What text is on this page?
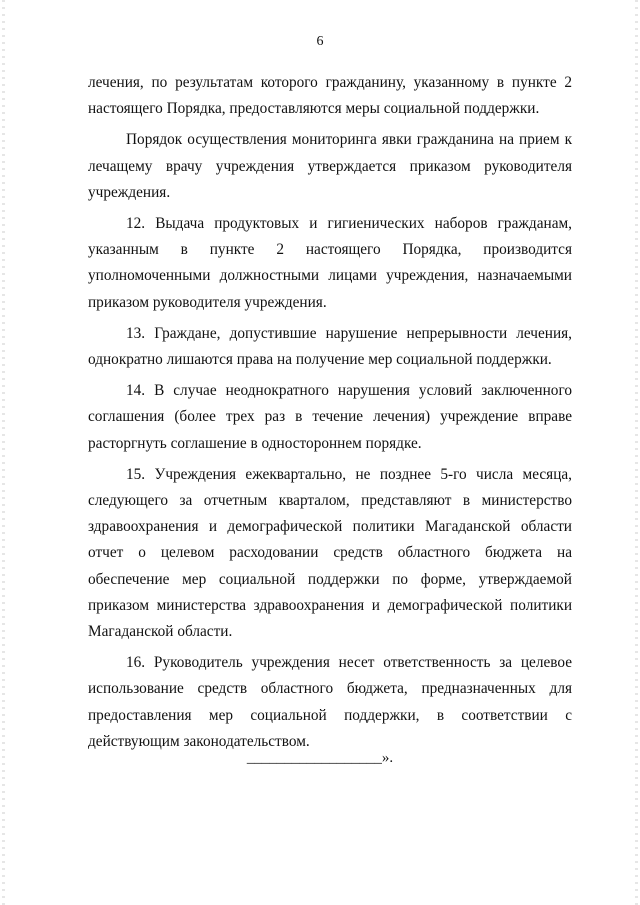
6

лечения, по результатам которого гражданину, указанному в пункте 2 настоящего Порядка, предоставляются меры социальной поддержки.

Порядок осуществления мониторинга явки гражданина на прием к лечащему врачу учреждения утверждается приказом руководителя учреждения.

12. Выдача продуктовых и гигиенических наборов гражданам, указанным в пункте 2 настоящего Порядка, производится уполномоченными должностными лицами учреждения, назначаемыми приказом руководителя учреждения.

13. Граждане, допустившие нарушение непрерывности лечения, однократно лишаются права на получение мер социальной поддержки.

14. В случае неоднократного нарушения условий заключенного соглашения (более трех раз в течение лечения) учреждение вправе расторгнуть соглашение в одностороннем порядке.

15. Учреждения ежеквартально, не позднее 5-го числа месяца, следующего за отчетным кварталом, представляют в министерство здравоохранения и демографической политики Магаданской области отчет о целевом расходовании средств областного бюджета на обеспечение мер социальной поддержки по форме, утверждаемой приказом министерства здравоохранения и демографической политики Магаданской области.

16. Руководитель учреждения несет ответственность за целевое использование средств областного бюджета, предназначенных для предоставления мер социальной поддержки, в соответствии с действующим законодательством.

__________________».
